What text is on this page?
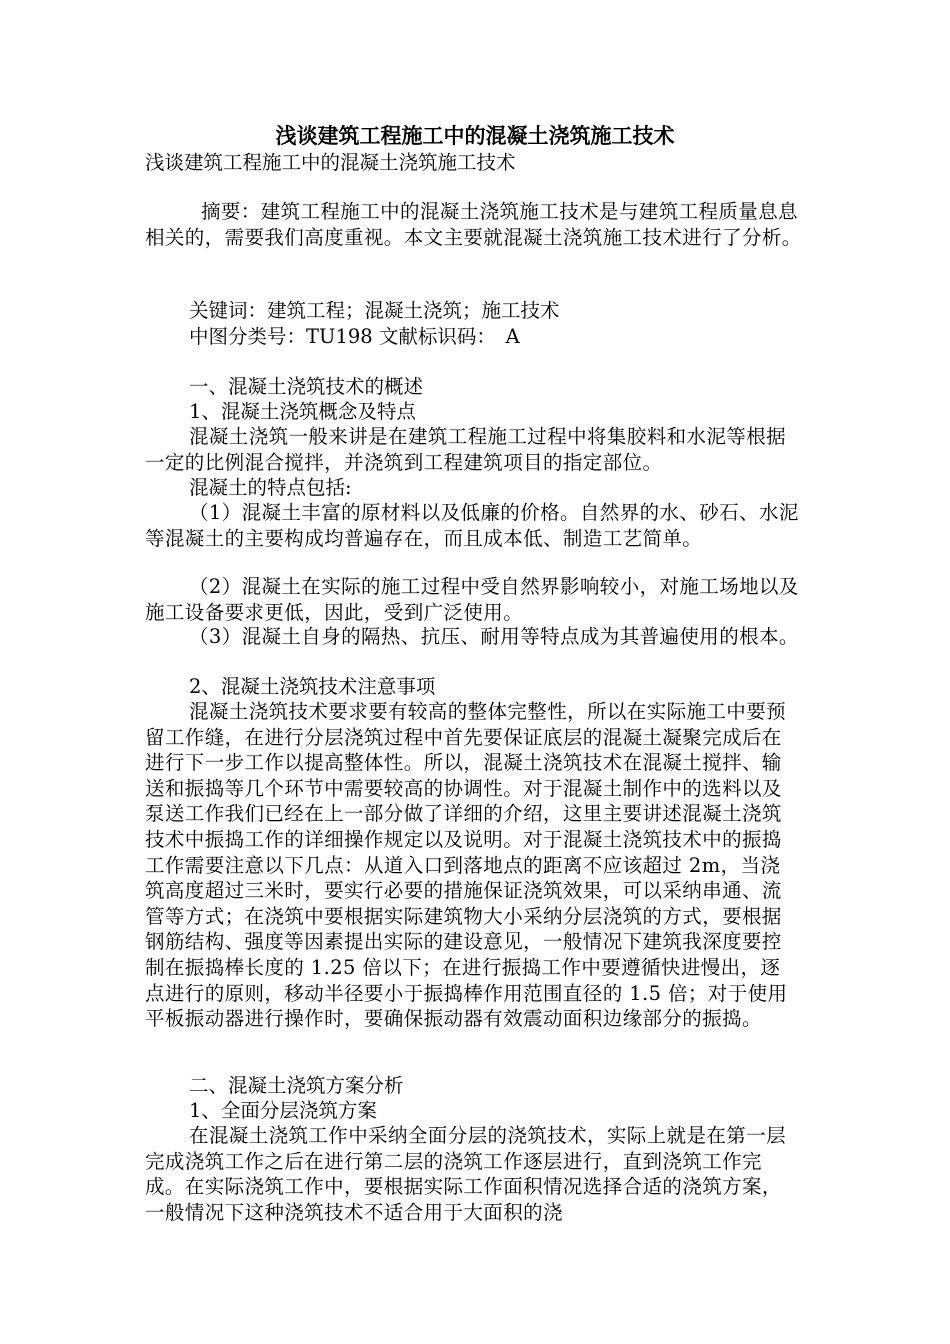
浅谈建筑工程施工中的混凝土浇筑施工技术
浅谈建筑工程施工中的混凝土浇筑施工技术
摘要：建筑工程施工中的混凝土浇筑施工技术是与建筑工程质量息息相关的，需要我们高度重视。本文主要就混凝土浇筑施工技术进行了分析。
关键词：建筑工程；混凝土浇筑；施工技术
中图分类号：TU198 文献标识码：　A
一、混凝土浇筑技术的概述
1、混凝土浇筑概念及特点
混凝土浇筑一般来讲是在建筑工程施工过程中将集胶料和水泥等根据一定的比例混合搅拌，并浇筑到工程建筑项目的指定部位。
混凝土的特点包括:
（1）混凝土丰富的原材料以及低廉的价格。自然界的水、砂石、水泥等混凝土的主要构成均普遍存在，而且成本低、制造工艺简单。
（2）混凝土在实际的施工过程中受自然界影响较小，对施工场地以及施工设备要求更低，因此，受到广泛使用。
（3）混凝土自身的隔热、抗压、耐用等特点成为其普遍使用的根本。
2、混凝土浇筑技术注意事项
混凝土浇筑技术要求要有较高的整体完整性，所以在实际施工中要预留工作缝，在进行分层浇筑过程中首先要保证底层的混凝土凝聚完成后在进行下一步工作以提高整体性。所以，混凝土浇筑技术在混凝土搅拌、输送和振捣等几个环节中需要较高的协调性。对于混凝土制作中的选料以及泵送工作我们已经在上一部分做了详细的介绍，这里主要讲述混凝土浇筑技术中振捣工作的详细操作规定以及说明。对于混凝土浇筑技术中的振捣工作需要注意以下几点：从道入口到落地点的距离不应该超过 2m，当浇筑高度超过三米时，要实行必要的措施保证浇筑效果，可以采纳串通、流管等方式；在浇筑中要根据实际建筑物大小采纳分层浇筑的方式，要根据钢筋结构、强度等因素提出实际的建设意见，一般情况下建筑我深度要控制在振捣棒长度的 1.25 倍以下；在进行振捣工作中要遵循快进慢出，逐点进行的原则，移动半径要小于振捣棒作用范围直径的 1.5 倍；对于使用平板振动器进行操作时，要确保振动器有效震动面积边缘部分的振捣。
二、混凝土浇筑方案分析
1、全面分层浇筑方案
在混凝土浇筑工作中采纳全面分层的浇筑技术，实际上就是在第一层完成浇筑工作之后在进行第二层的浇筑工作逐层进行，直到浇筑工作完成。在实际浇筑工作中，要根据实际工作面积情况选择合适的浇筑方案，一般情况下这种浇筑技术不适合用于大面积的浇
